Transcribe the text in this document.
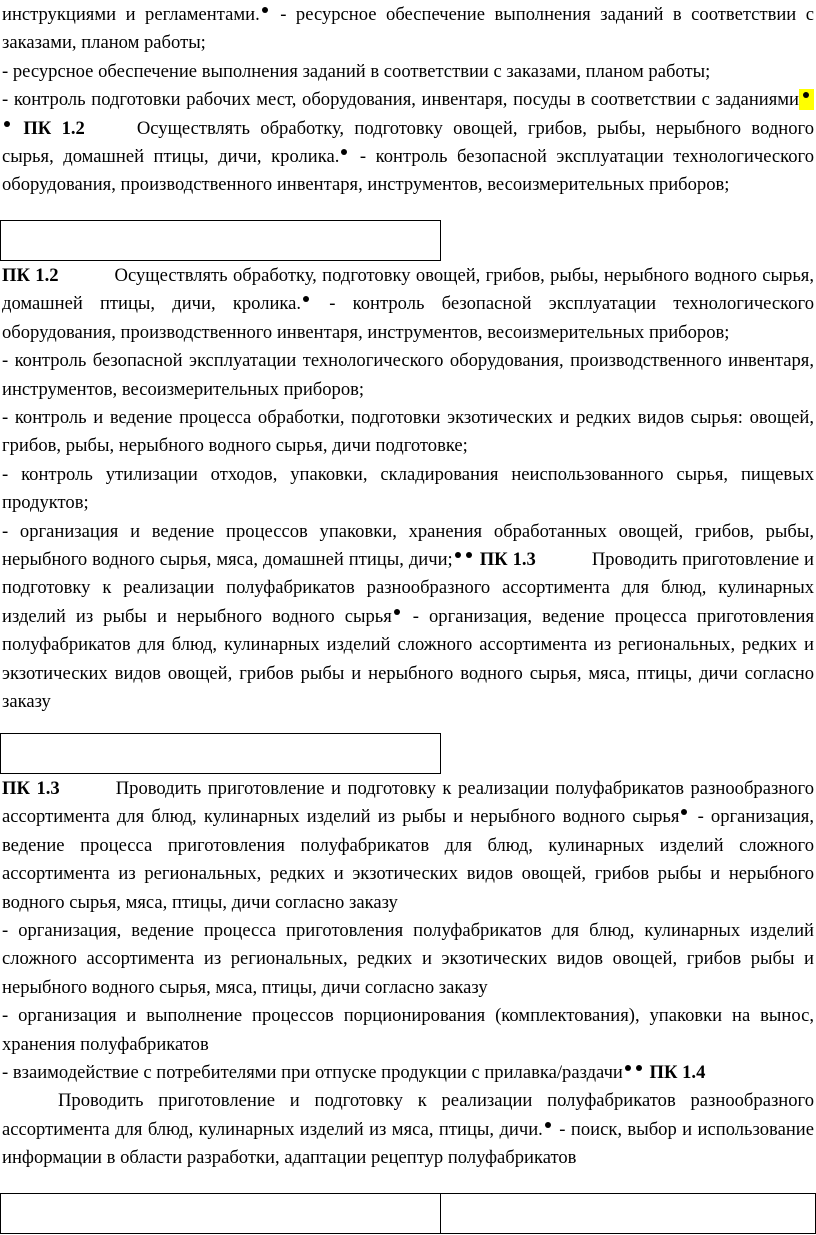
инструкциями и регламентами. - ресурсное обеспечение выполнения заданий в соответствии с заказами, планом работы;
- ресурсное обеспечение выполнения заданий в соответствии с заказами, планом работы;
- контроль подготовки рабочих мест, оборудования, инвентаря, посуды в соответствии с заданиями ПК 1.2	Осуществлять обработку, подготовку овощей, грибов, рыбы, нерыбного водного сырья, домашней птицы, дичи, кролика. - контроль безопасной эксплуатации технологического оборудования, производственного инвентаря, инструментов, весоизмерительных приборов;

ПК 1.2	Осуществлять обработку, подготовку овощей, грибов, рыбы, нерыбного водного сырья, домашней птицы, дичи, кролика. - контроль безопасной эксплуатации технологического оборудования, производственного инвентаря, инструментов, весоизмерительных приборов;
- контроль безопасной эксплуатации технологического оборудования, производственного инвентаря, инструментов, весоизмерительных приборов;
- контроль и ведение процесса обработки, подготовки экзотических и редких видов сырья: овощей, грибов, рыбы, нерыбного водного сырья, дичи подготовке;
- контроль утилизации отходов, упаковки, складирования неиспользованного сырья, пищевых продуктов;
- организация и ведение процессов упаковки, хранения обработанных овощей, грибов, рыбы, нерыбного водного сырья, мяса, домашней птицы, дичи; ПК 1.3	Проводить приготовление и подготовку к реализации полуфабрикатов разнообразного ассортимента для блюд, кулинарных изделий из рыбы и нерыбного водного сырья - организация, ведение процесса приготовления полуфабрикатов для блюд, кулинарных изделий сложного ассортимента из региональных, редких и экзотических видов овощей, грибов рыбы и нерыбного водного сырья, мяса, птицы, дичи согласно заказу

ПК 1.3	Проводить приготовление и подготовку к реализации полуфабрикатов разнообразного ассортимента для блюд, кулинарных изделий из рыбы и нерыбного водного сырья - организация, ведение процесса приготовления полуфабрикатов для блюд, кулинарных изделий сложного ассортимента из региональных, редких и экзотических видов овощей, грибов рыбы и нерыбного водного сырья, мяса, птицы, дичи согласно заказу
- организация, ведение процесса приготовления полуфабрикатов для блюд, кулинарных изделий сложного ассортимента из региональных, редких и экзотических видов овощей, грибов рыбы и нерыбного водного сырья, мяса, птицы, дичи согласно заказу
- организация и выполнение процессов порционирования (комплектования), упаковки на вынос, хранения полуфабрикатов
- взаимодействие с потребителями при отпуске продукции с прилавка/раздачи ПК 1.4
Проводить приготовление и подготовку к реализации полуфабрикатов разнообразного ассортимента для блюд, кулинарных изделий из мяса, птицы, дичи. - поиск, выбор и использование информации в области разработки, адаптации рецептур полуфабрикатов
